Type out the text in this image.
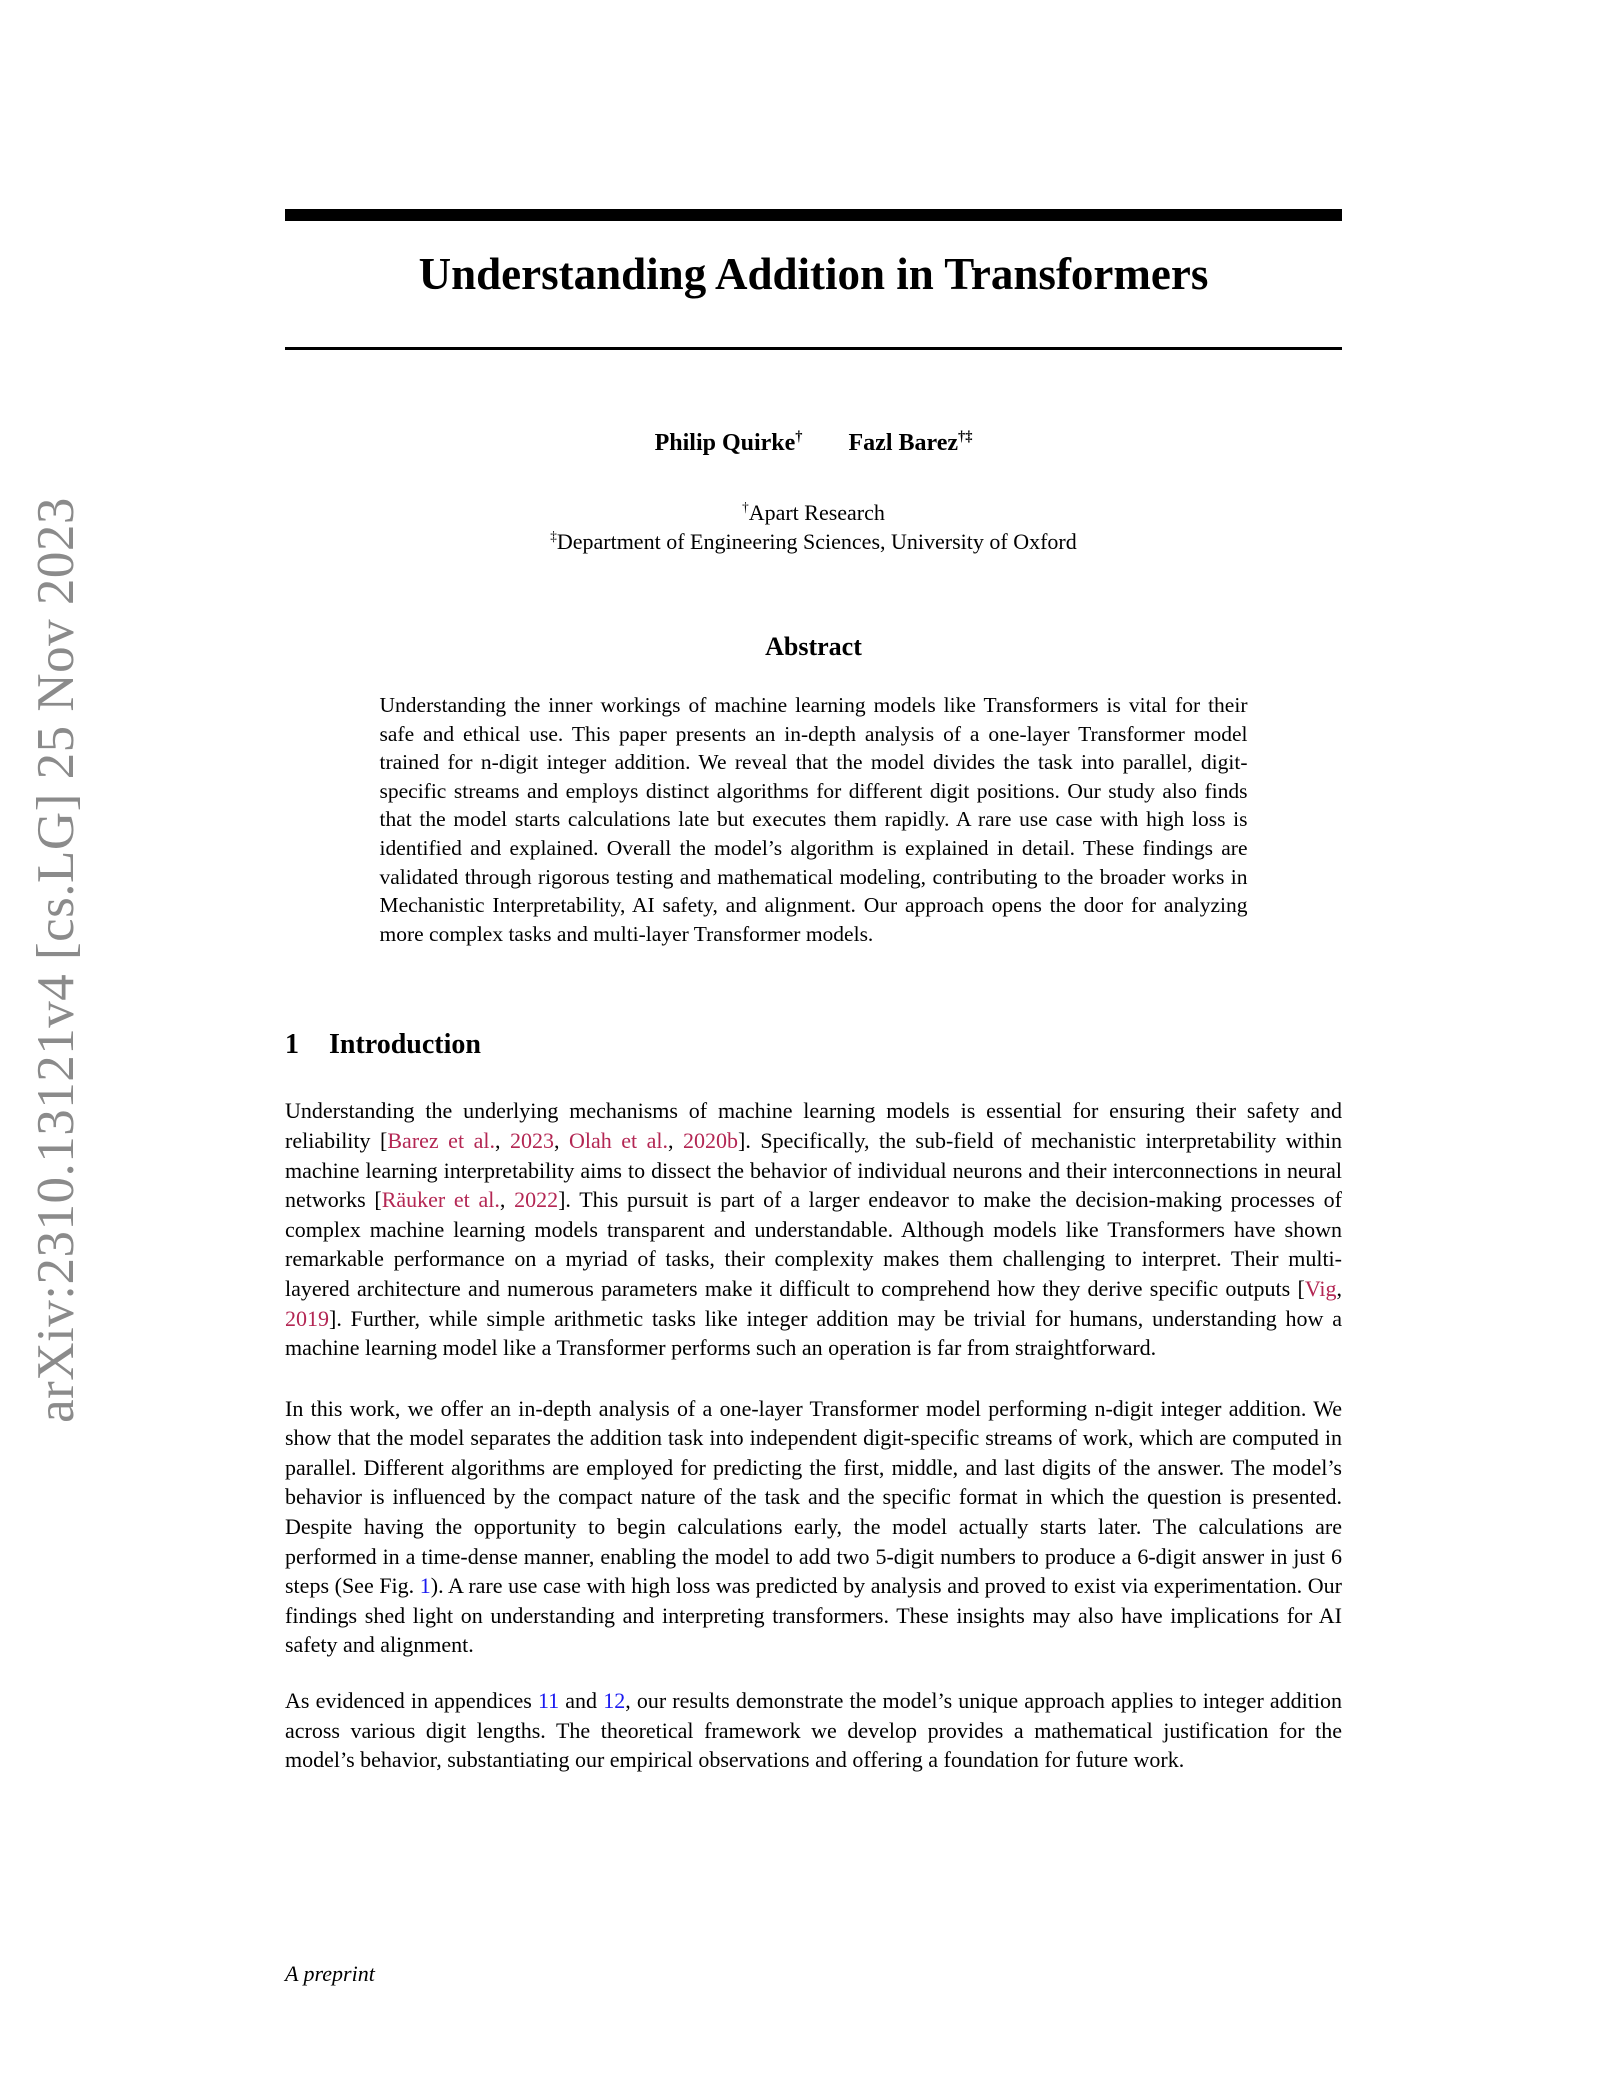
arXiv:2310.13121v4 [cs.LG] 25 Nov 2023
Understanding Addition in Transformers
Philip Quirke† Fazl Barez†‡
†Apart Research
‡Department of Engineering Sciences, University of Oxford
Abstract

Understanding the inner workings of machine learning models like Transformers is vital for their safe and ethical use. This paper presents an in-depth analysis of a one-layer Transformer model trained for n-digit integer addition. We reveal that the model divides the task into parallel, digit-specific streams and employs distinct algorithms for different digit positions. Our study also finds that the model starts calculations late but executes them rapidly. A rare use case with high loss is identified and explained. Overall the model’s algorithm is explained in detail. These findings are validated through rigorous testing and mathematical modeling, contributing to the broader works in Mechanistic Interpretability, AI safety, and alignment. Our approach opens the door for analyzing more complex tasks and multi-layer Transformer models.

1 Introduction

Understanding the underlying mechanisms of machine learning models is essential for ensuring their safety and reliability [Barez et al., 2023, Olah et al., 2020b]. Specifically, the sub-field of mechanistic interpretability within machine learning interpretability aims to dissect the behavior of individual neurons and their interconnections in neural networks [Räuker et al., 2022]. This pursuit is part of a larger endeavor to make the decision-making processes of complex machine learning models transparent and understandable. Although models like Transformers have shown remarkable performance on a myriad of tasks, their complexity makes them challenging to interpret. Their multi-layered architecture and numerous parameters make it difficult to comprehend how they derive specific outputs [Vig, 2019]. Further, while simple arithmetic tasks like integer addition may be trivial for humans, understanding how a machine learning model like a Transformer performs such an operation is far from straightforward.

In this work, we offer an in-depth analysis of a one-layer Transformer model performing n-digit integer addition. We show that the model separates the addition task into independent digit-specific streams of work, which are computed in parallel. Different algorithms are employed for predicting the first, middle, and last digits of the answer. The model’s behavior is influenced by the compact nature of the task and the specific format in which the question is presented. Despite having the opportunity to begin calculations early, the model actually starts later. The calculations are performed in a time-dense manner, enabling the model to add two 5-digit numbers to produce a 6-digit answer in just 6 steps (See Fig. 1). A rare use case with high loss was predicted by analysis and proved to exist via experimentation. Our findings shed light on understanding and interpreting transformers. These insights may also have implications for AI safety and alignment.

As evidenced in appendices 11 and 12, our results demonstrate the model’s unique approach applies to integer addition across various digit lengths. The theoretical framework we develop provides a mathematical justification for the model’s behavior, substantiating our empirical observations and offering a foundation for future work.

A preprint
